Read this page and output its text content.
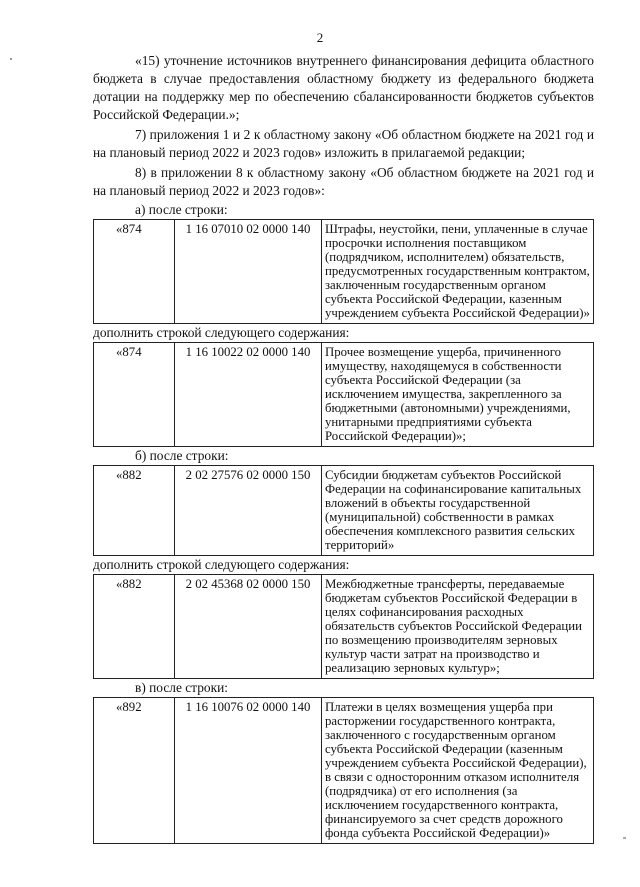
2

«15) уточнение источников внутреннего финансирования дефицита областного бюджета в случае предоставления областному бюджету из федерального бюджета дотации на поддержку мер по обеспечению сбалансированности бюджетов субъектов Российской Федерации.»;

7) приложения 1 и 2 к областному закону «Об областном бюджете на 2021 год и на плановый период 2022 и 2023 годов» изложить в прилагаемой редакции;

8) в приложении 8 к областному закону «Об областном бюджете на 2021 год и на плановый период 2022 и 2023 годов»:

а) после строки:
«874	1 16 07010 02 0000 140	Штрафы, неустойки, пени, уплаченные в случае просрочки исполнения поставщиком (подрядчиком, исполнителем) обязательств, предусмотренных государственным контрактом, заключенным государственным органом субъекта Российской Федерации, казенным учреждением субъекта Российской Федерации)»
дополнить строкой следующего содержания:
«874	1 16 10022 02 0000 140	Прочее возмещение ущерба, причиненного имуществу, находящемуся в собственности субъекта Российской Федерации (за исключением имущества, закрепленного за бюджетными (автономными) учреждениями, унитарными предприятиями субъекта Российской Федерации)»;
б) после строки:
«882	2 02 27576 02 0000 150	Субсидии бюджетам субъектов Российской Федерации на софинансирование капитальных вложений в объекты государственной (муниципальной) собственности в рамках обеспечения комплексного развития сельских территорий»
дополнить строкой следующего содержания:
«882	2 02 45368 02 0000 150	Межбюджетные трансферты, передаваемые бюджетам субъектов Российской Федерации в целях софинансирования расходных обязательств субъектов Российской Федерации по возмещению производителям зерновых культур части затрат на производство и реализацию зерновых культур»;
в) после строки:
«892	1 16 10076 02 0000 140	Платежи в целях возмещения ущерба при расторжении государственного контракта, заключенного с государственным органом субъекта Российской Федерации (казенным учреждением субъекта Российской Федерации), в связи с односторонним отказом исполнителя (подрядчика) от его исполнения (за исключением государственного контракта, финансируемого за счет средств дорожного фонда субъекта Российской Федерации)»
